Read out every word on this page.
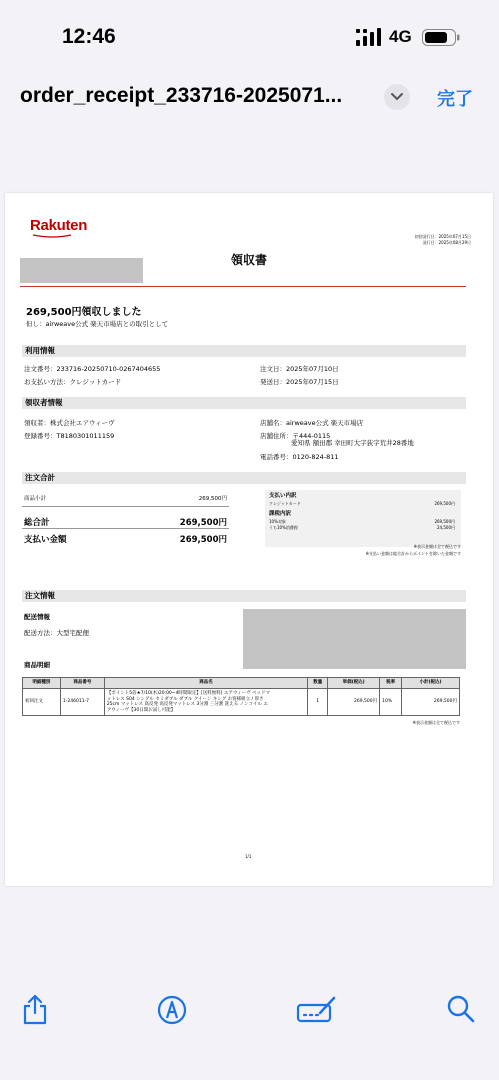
12:46	4G
order_receipt_233716-2025071...	完了
Rakuten
初回発行日：2025年07月15日
発行日：2025年08月29日
領収書
269,500円領収しました
但し：airweave公式 楽天市場店との取引として
利用情報
注文番号：233716-20250710-0267404655
お支払い方法：クレジットカード
注文日：2025年07月10日
発送日：2025年07月15日
領収者情報
領収者：株式会社エアウィーヴ
登録番号：T8180301011159
店舗名：airweave公式 楽天市場店
店舗住所：〒444-0115
愛知県 額田郡 幸田町大字荻字荒井28番地
電話番号：0120-824-811
注文合計
商品小計	269,500円
総合計	269,500円
支払い金額	269,500円
支払い内訳
クレジットカード	269,500円
課税内訳
10%対象	269,500円
うち10%消費税	24,500円
※表示金額は全て税込です
※支払い金額は総合計からポイントを除いた金額です
注文情報
配送情報
配送方法：大型宅配便
商品明細
明細種別	商品番号	商品名	数量	単価(税込)	税率	小計(税込)
初回注文	1-246011-7	【ポイント5倍★7/10(木)20:00~4時間限定】[送料無料] エアウィーヴ ベッドマ
ットレス S04 シングル セミダブル ダブル クイーン キング お客様組立 / 厚さ
25cm マットレス 高反発 高反発マットレス 3分割 三分割 洗える ノンコイル エ
アウィーヴ【30日間お試し可能】	1	269,500円	10%	269,500円
※表示金額は全て税込です
1/1
